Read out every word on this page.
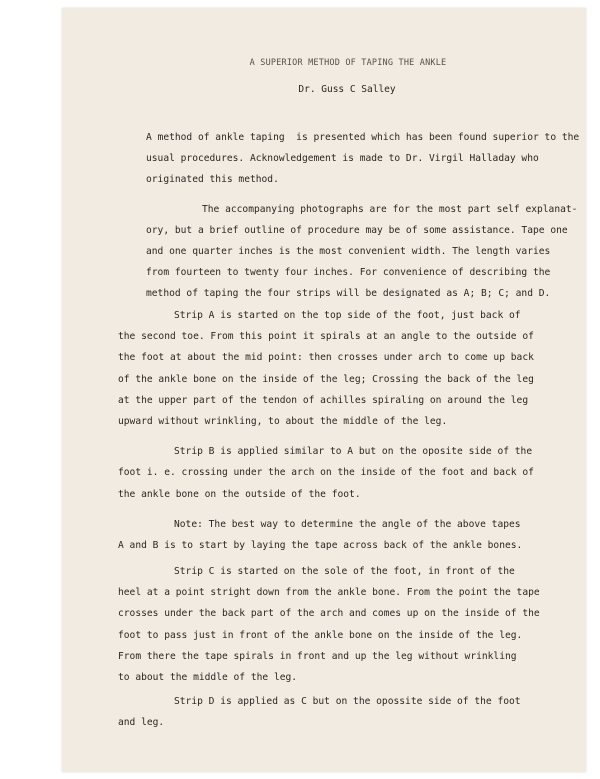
A SUPERIOR METHOD OF TAPING THE ANKLE
Dr. Guss C Salley
A method of ankle taping  is presented which has been found superior to the
usual procedures. Acknowledgement is made to Dr. Virgil Halladay who
originated this method.
The accompanying photographs are for the most part self explanat-
ory, but a brief outline of procedure may be of some assistance. Tape one
and one quarter inches is the most convenient width. The length varies
from fourteen to twenty four inches. For convenience of describing the
method of taping the four strips will be designated as A; B; C; and D.
Strip A is started on the top side of the foot, just back of
the second toe. From this point it spirals at an angle to the outside of
the foot at about the mid point: then crosses under arch to come up back
of the ankle bone on the inside of the leg; Crossing the back of the leg
at the upper part of the tendon of achilles spiraling on around the leg
upward without wrinkling, to about the middle of the leg.
Strip B is applied similar to A but on the oposite side of the
foot i. e. crossing under the arch on the inside of the foot and back of
the ankle bone on the outside of the foot.
Note: The best way to determine the angle of the above tapes
A and B is to start by laying the tape across back of the ankle bones.
Strip C is started on the sole of the foot, in front of the
heel at a point stright down from the ankle bone. From the point the tape
crosses under the back part of the arch and comes up on the inside of the
foot to pass just in front of the ankle bone on the inside of the leg.
From there the tape spirals in front and up the leg without wrinkling
to about the middle of the leg.
Strip D is applied as C but on the opossite side of the foot
and leg.
